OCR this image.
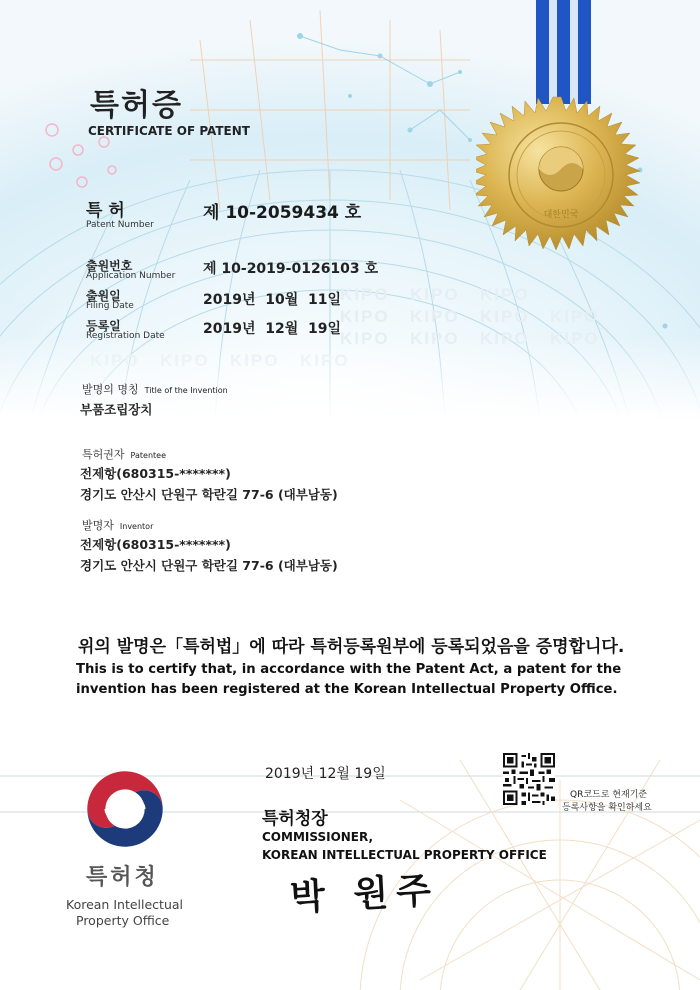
대한민국
특허증
CERTIFICATE OF PATENT
특 허
Patent Number
제 10-2059434 호
출원번호
Application Number 제 10-2019-0126103 호
출원일
Filing Date	2019년  10월  11일
등록일
Registration Date	2019년  12월  19일
발명의 명칭 Title of the Invention
부품조립장치
특허권자 Patentee
전제항(680315-*******)
경기도 안산시 단원구 학란길 77-6 (대부남동)
발명자 Inventor
전제항(680315-*******)
경기도 안산시 단원구 학란길 77-6 (대부남동)
위의 발명은「특허법」에 따라 특허등록원부에 등록되었음을 증명합니다.
This is to certify that, in accordance with the Patent Act, a patent for the invention has been registered at the Korean Intellectual Property Office.
2019년 12월 19일
QR코드로 현재기준
등록사항을 확인하세요
특허청장
COMMISSIONER,
KOREAN INTELLECTUAL PROPERTY OFFICE
박 원주
특허청
Korean Intellectual
Property Office
